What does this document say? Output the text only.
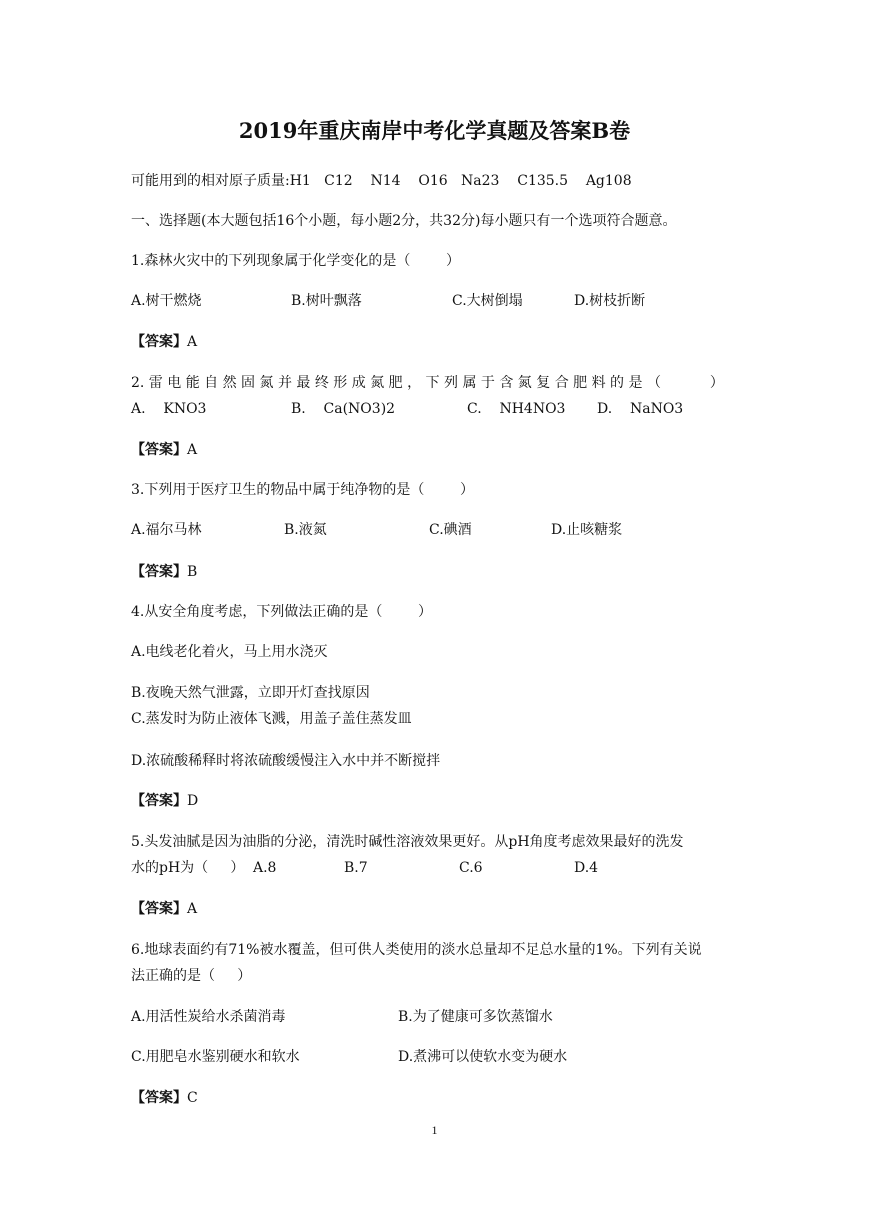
2019年重庆南岸中考化学真题及答案B卷
可能用到的相对原子质量:H1   C12    N14    O16   Na23    C135.5    Ag108
一、选择题(本大题包括16个小题，每小题2分，共32分)每小题只有一个选项符合题意。
1.森林火灾中的下列现象属于化学变化的是（        ）
A.树干燃烧	B.树叶飘落	C.大树倒塌	D.树枝折断
【答案】A
2. 雷 电 能 自 然 固 氮 并 最 终 形 成 氮 肥 ， 下 列 属 于 含 氮 复 合 肥 料 的 是 （           ）
A.    KNO3	B.    Ca(NO3)2	C.    NH4NO3 D.    NaNO3
【答案】A
3.下列用于医疗卫生的物品中属于纯净物的是（        ）
A.福尔马林	B.液氮	C.碘酒	D.止咳糖浆
【答案】B
4.从安全角度考虑，下列做法正确的是（        ）
A.电线老化着火，马上用水浇灭
B.夜晚天然气泄露，立即开灯查找原因
C.蒸发时为防止液体飞溅，用盖子盖住蒸发皿
D.浓硫酸稀释时将浓硫酸缓慢注入水中并不断搅拌
【答案】D
5.头发油腻是因为油脂的分泌，清洗时碱性溶液效果更好。从pH角度考虑效果最好的洗发
水的pH为（     ） A.8	B.7	C.6	D.4
【答案】A
6.地球表面约有71%被水覆盖，但可供人类使用的淡水总量却不足总水量的1%。下列有关说
法正确的是（     ）
A.用活性炭给水杀菌消毒	B.为了健康可多饮蒸馏水
C.用肥皂水鉴别硬水和软水	D.煮沸可以使软水变为硬水
【答案】C
1
